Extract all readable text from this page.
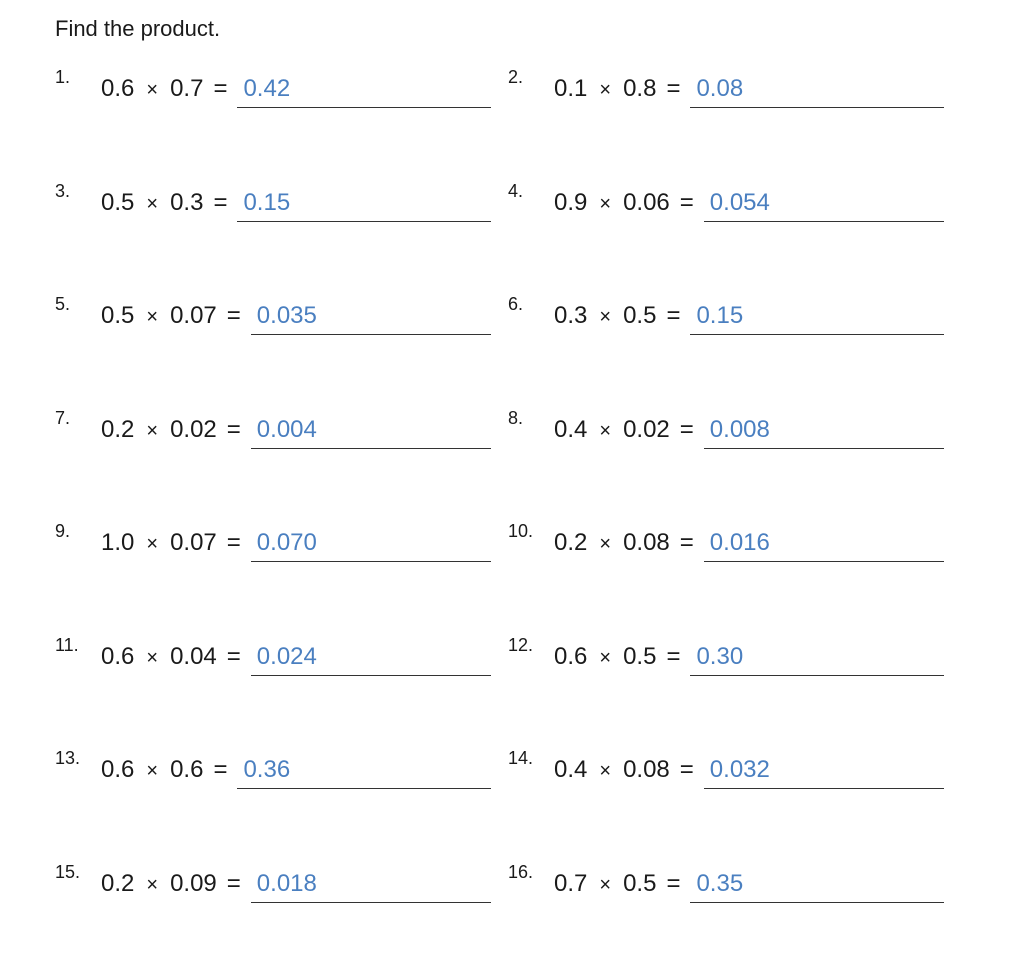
Find the product.
1. 0.6 × 0.7 = 0.42	2. 0.1 × 0.8 = 0.08
3. 0.5 × 0.3 = 0.15	4. 0.9 × 0.06 = 0.054
5. 0.5 × 0.07 = 0.035	6. 0.3 × 0.5 = 0.15
7. 0.2 × 0.02 = 0.004	8. 0.4 × 0.02 = 0.008
9. 1.0 × 0.07 = 0.070	10. 0.2 × 0.08 = 0.016
11. 0.6 × 0.04 = 0.024	12. 0.6 × 0.5 = 0.30
13. 0.6 × 0.6 = 0.36	14. 0.4 × 0.08 = 0.032
15. 0.2 × 0.09 = 0.018	16. 0.7 × 0.5 = 0.35
